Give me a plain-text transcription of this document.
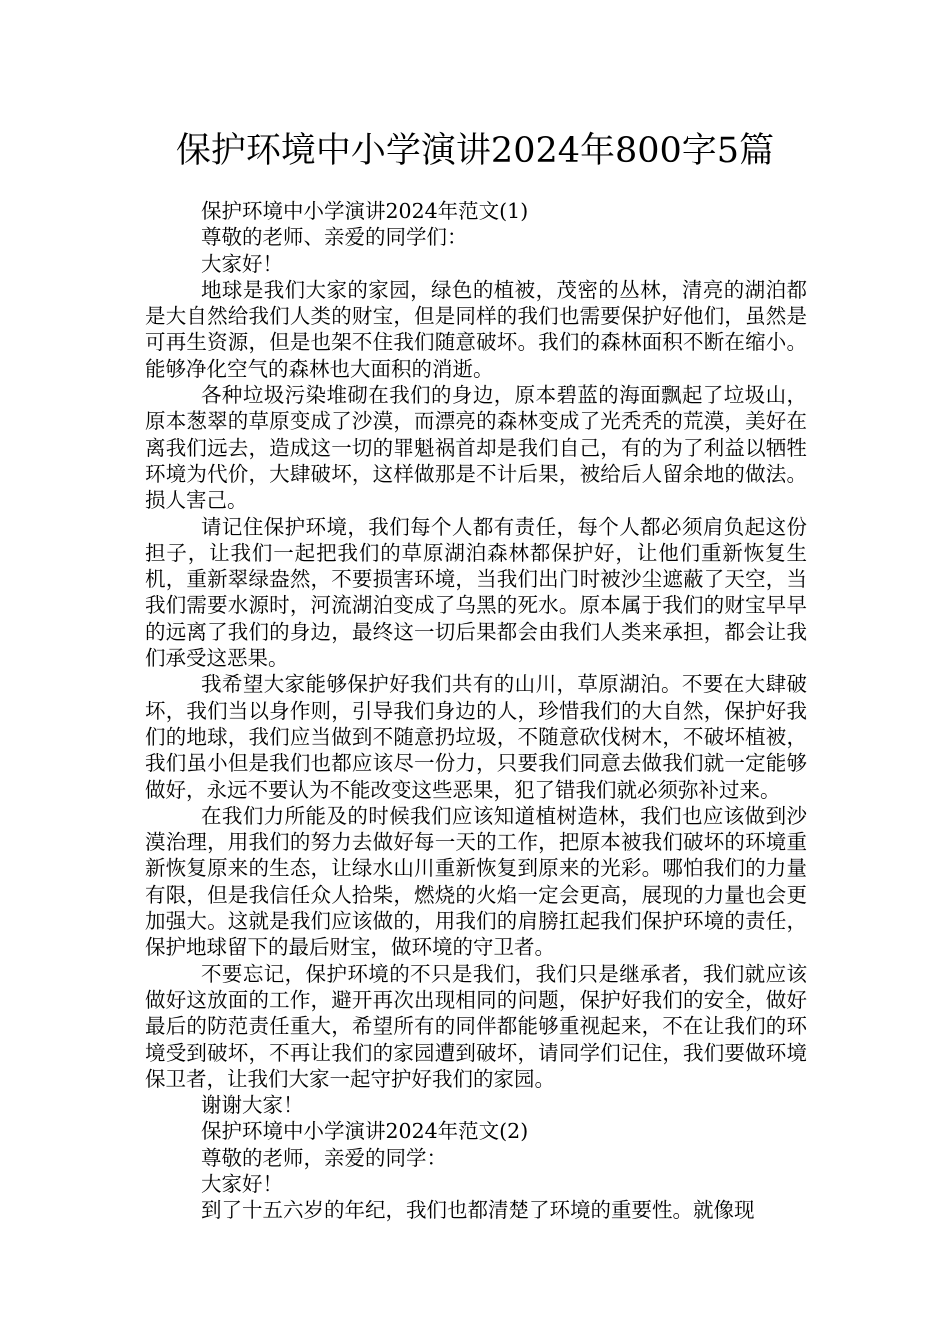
保护环境中小学演讲2024年800字5篇

保护环境中小学演讲2024年范文(1)

尊敬的老师、亲爱的同学们：

大家好！

地球是我们大家的家园，绿色的植被，茂密的丛林，清亮的湖泊都是大自然给我们人类的财宝，但是同样的我们也需要保护好他们，虽然是可再生资源，但是也架不住我们随意破坏。我们的森林面积不断在缩小。能够净化空气的森林也大面积的消逝。

各种垃圾污染堆砌在我们的身边，原本碧蓝的海面飘起了垃圾山，原本葱翠的草原变成了沙漠，而漂亮的森林变成了光秃秃的荒漠，美好在离我们远去，造成这一切的罪魁祸首却是我们自己，有的为了利益以牺牲环境为代价，大肆破坏，这样做那是不计后果，被给后人留余地的做法。损人害己。

请记住保护环境，我们每个人都有责任，每个人都必须肩负起这份担子，让我们一起把我们的草原湖泊森林都保护好，让他们重新恢复生机，重新翠绿盎然，不要损害环境，当我们出门时被沙尘遮蔽了天空，当我们需要水源时，河流湖泊变成了乌黑的死水。原本属于我们的财宝早早的远离了我们的身边，最终这一切后果都会由我们人类来承担，都会让我们承受这恶果。

我希望大家能够保护好我们共有的山川，草原湖泊。不要在大肆破坏，我们当以身作则，引导我们身边的人，珍惜我们的大自然，保护好我们的地球，我们应当做到不随意扔垃圾，不随意砍伐树木，不破坏植被，我们虽小但是我们也都应该尽一份力，只要我们同意去做我们就一定能够做好，永远不要认为不能改变这些恶果，犯了错我们就必须弥补过来。

在我们力所能及的时候我们应该知道植树造林，我们也应该做到沙漠治理，用我们的努力去做好每一天的工作，把原本被我们破坏的环境重新恢复原来的生态，让绿水山川重新恢复到原来的光彩。哪怕我们的力量有限，但是我信任众人拾柴，燃烧的火焰一定会更高，展现的力量也会更加强大。这就是我们应该做的，用我们的肩膀扛起我们保护环境的责任，保护地球留下的最后财宝，做环境的守卫者。

不要忘记，保护环境的不只是我们，我们只是继承者，我们就应该做好这放面的工作，避开再次出现相同的问题，保护好我们的安全，做好最后的防范责任重大，希望所有的同伴都能够重视起来，不在让我们的环境受到破坏，不再让我们的家园遭到破坏，请同学们记住，我们要做环境保卫者，让我们大家一起守护好我们的家园。

谢谢大家！

保护环境中小学演讲2024年范文(2)

尊敬的老师，亲爱的同学：

大家好！

到了十五六岁的年纪，我们也都清楚了环境的重要性。就像现
